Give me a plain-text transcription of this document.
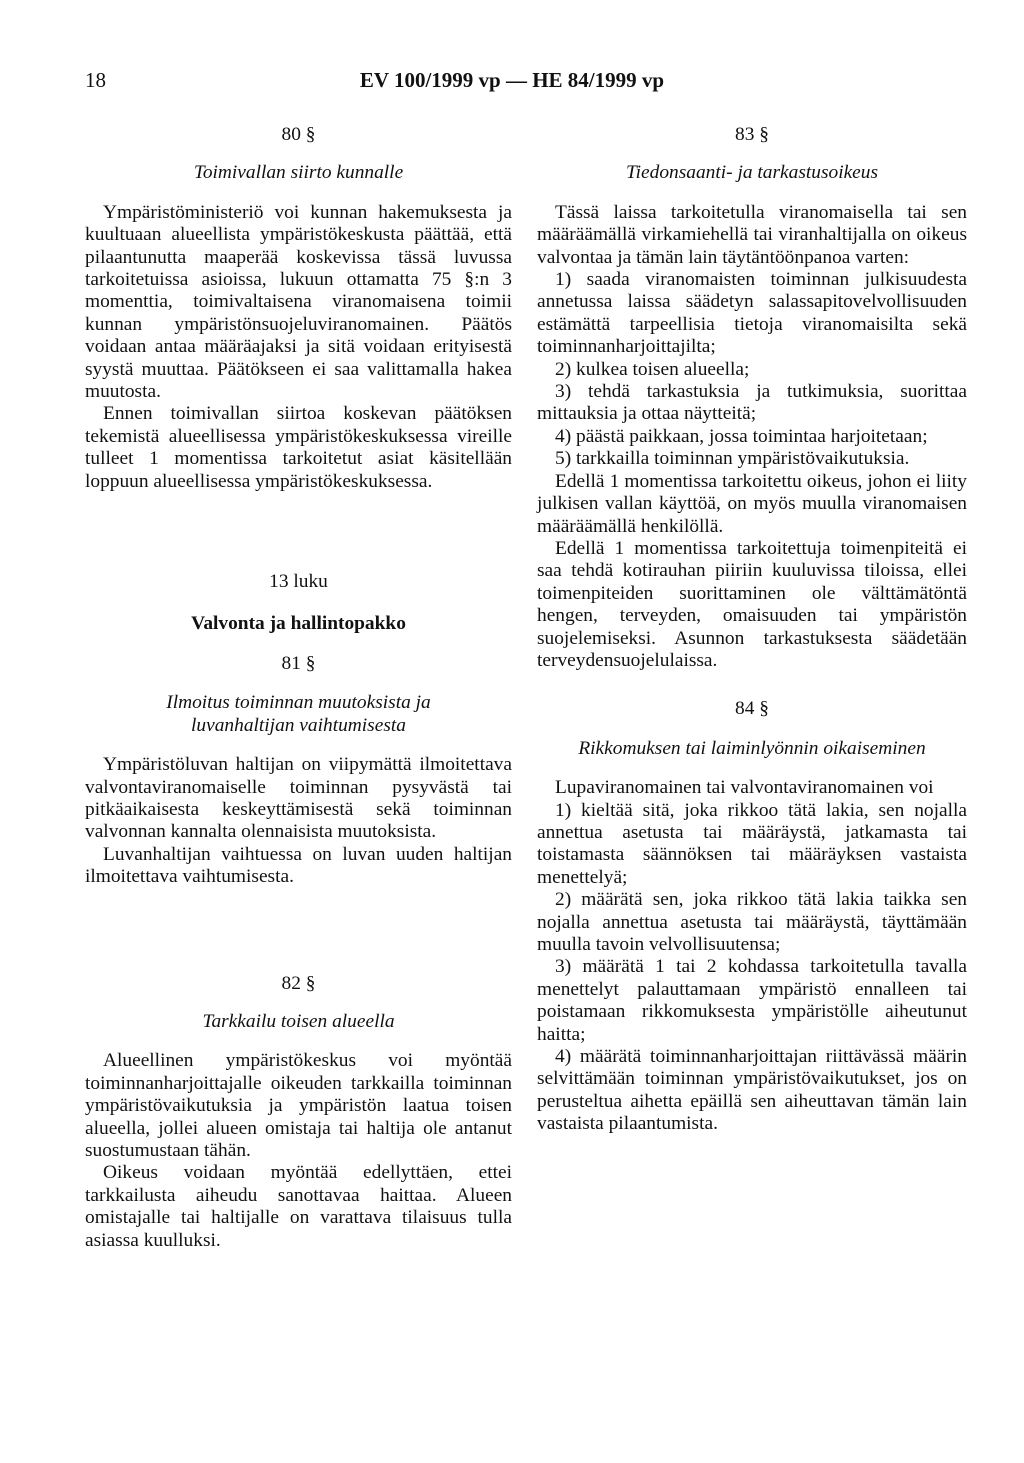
18	EV 100/1999 vp — HE 84/1999 vp

80 §

Toimivallan siirto kunnalle

Ympäristöministeriö voi kunnan hakemuksesta ja kuultuaan alueellista ympäristökeskusta päättää, että pilaantunutta maaperää koskevissa tässä luvussa tarkoitetuissa asioissa, lukuun ottamatta 75 §:n 3 momenttia, toimivaltaisena viranomaisena toimii kunnan ympäristönsuojeluviranomainen. Päätös voidaan antaa määräajaksi ja sitä voidaan erityisestä syystä muuttaa. Päätökseen ei saa valittamalla hakea muutosta.

Ennen toimivallan siirtoa koskevan päätöksen tekemistä alueellisessa ympäristökeskuksessa vireille tulleet 1 momentissa tarkoitetut asiat käsitellään loppuun alueellisessa ympäristökeskuksessa.

13 luku

Valvonta ja hallintopakko

81 §

Ilmoitus toiminnan muutoksista ja luvanhaltijan vaihtumisesta

Ympäristöluvan haltijan on viipymättä ilmoitettava valvontaviranomaiselle toiminnan pysyvästä tai pitkäaikaisesta keskeyttämisestä sekä toiminnan valvonnan kannalta olennaisista muutoksista.

Luvanhaltijan vaihtuessa on luvan uuden haltijan ilmoitettava vaihtumisesta.

82 §

Tarkkailu toisen alueella

Alueellinen ympäristökeskus voi myöntää toiminnanharjoittajalle oikeuden tarkkailla toiminnan ympäristövaikutuksia ja ympäristön laatua toisen alueella, jollei alueen omistaja tai haltija ole antanut suostumustaan tähän.

Oikeus voidaan myöntää edellyttäen, ettei tarkkailusta aiheudu sanottavaa haittaa. Alueen omistajalle tai haltijalle on varattava tilaisuus tulla asiassa kuulluksi.

83 §

Tiedonsaanti- ja tarkastusoikeus

Tässä laissa tarkoitetulla viranomaisella tai sen määräämällä virkamiehellä tai viranhaltijalla on oikeus valvontaa ja tämän lain täytäntöönpanoa varten:

1) saada viranomaisten toiminnan julkisuudesta annetussa laissa säädetyn salassapitovelvollisuuden estämättä tarpeellisia tietoja viranomaisilta sekä toiminnanharjoittajilta;

2) kulkea toisen alueella;

3) tehdä tarkastuksia ja tutkimuksia, suorittaa mittauksia ja ottaa näytteitä;

4) päästä paikkaan, jossa toimintaa harjoitetaan;

5) tarkkailla toiminnan ympäristövaikutuksia.

Edellä 1 momentissa tarkoitettu oikeus, johon ei liity julkisen vallan käyttöä, on myös muulla viranomaisen määräämällä henkilöllä.

Edellä 1 momentissa tarkoitettuja toimenpiteitä ei saa tehdä kotirauhan piiriin kuuluvissa tiloissa, ellei toimenpiteiden suorittaminen ole välttämätöntä hengen, terveyden, omaisuuden tai ympäristön suojelemiseksi. Asunnon tarkastuksesta säädetään terveydensuojelulaissa.

84 §

Rikkomuksen tai laiminlyönnin oikaiseminen

Lupaviranomainen tai valvontaviranomainen voi

1) kieltää sitä, joka rikkoo tätä lakia, sen nojalla annettua asetusta tai määräystä, jatkamasta tai toistamasta säännöksen tai määräyksen vastaista menettelyä;

2) määrätä sen, joka rikkoo tätä lakia taikka sen nojalla annettua asetusta tai määräystä, täyttämään muulla tavoin velvollisuutensa;

3) määrätä 1 tai 2 kohdassa tarkoitetulla tavalla menettelyt palauttamaan ympäristö ennalleen tai poistamaan rikkomuksesta ympäristölle aiheutunut haitta;

4) määrätä toiminnanharjoittajan riittävässä määrin selvittämään toiminnan ympäristövaikutukset, jos on perusteltua aihetta epäillä sen aiheuttavan tämän lain vastaista pilaantumista.
